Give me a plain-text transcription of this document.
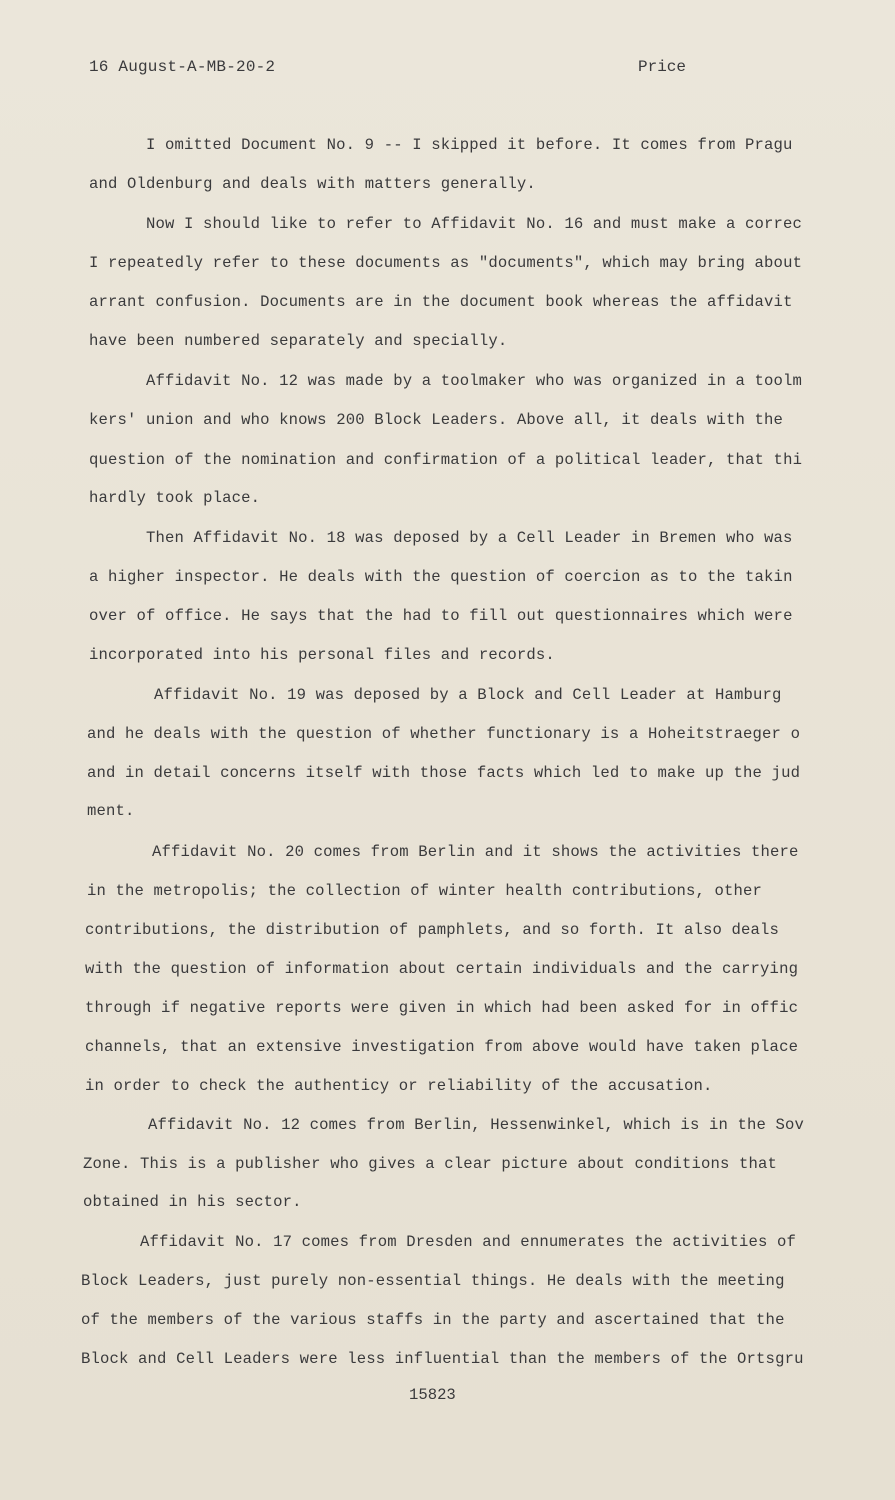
16 August-A-MB-20-2	Price
I omitted Document No. 9 -- I skipped it before. It comes from Pragu
and Oldenburg and deals with matters generally.
Now I should like to refer to Affidavit No. 16 and must make a correc
I repeatedly refer to these documents as "documents", which may bring about
arrant confusion. Documents are in the document book whereas the affidavit
have been numbered separately and specially.
Affidavit No. 12 was made by a toolmaker who was organized in a toolm
kers' union and who knows 200 Block Leaders. Above all, it deals with the
question of the nomination and confirmation of a political leader, that thi
hardly took place.
Then Affidavit No. 18 was deposed by a Cell Leader in Bremen who was
a higher inspector. He deals with the question of coercion as to the takin
over of office. He says that the had to fill out questionnaires which were
incorporated into his personal files and records.
Affidavit No. 19 was deposed by a Block and Cell Leader at Hamburg
and he deals with the question of whether functionary is a Hoheitstraeger o
and in detail concerns itself with those facts which led to make up the jud
ment.
Affidavit No. 20 comes from Berlin and it shows the activities there
in the metropolis; the collection of winter health contributions, other
contributions, the distribution of pamphlets, and so forth. It also deals
with the question of information about certain individuals and the carrying
through if negative reports were given in which had been asked for in offic
channels, that an extensive investigation from above would have taken place
in order to check the authenticy or reliability of the accusation.
Affidavit No. 12 comes from Berlin, Hessenwinkel, which is in the Sov
Zone. This is a publisher who gives a clear picture about conditions that
obtained in his sector.
Affidavit No. 17 comes from Dresden and ennumerates the activities of
Block Leaders, just purely non-essential things. He deals with the meeting
of the members of the various staffs in the party and ascertained that the
Block and Cell Leaders were less influential than the members of the Ortsgru
15823
